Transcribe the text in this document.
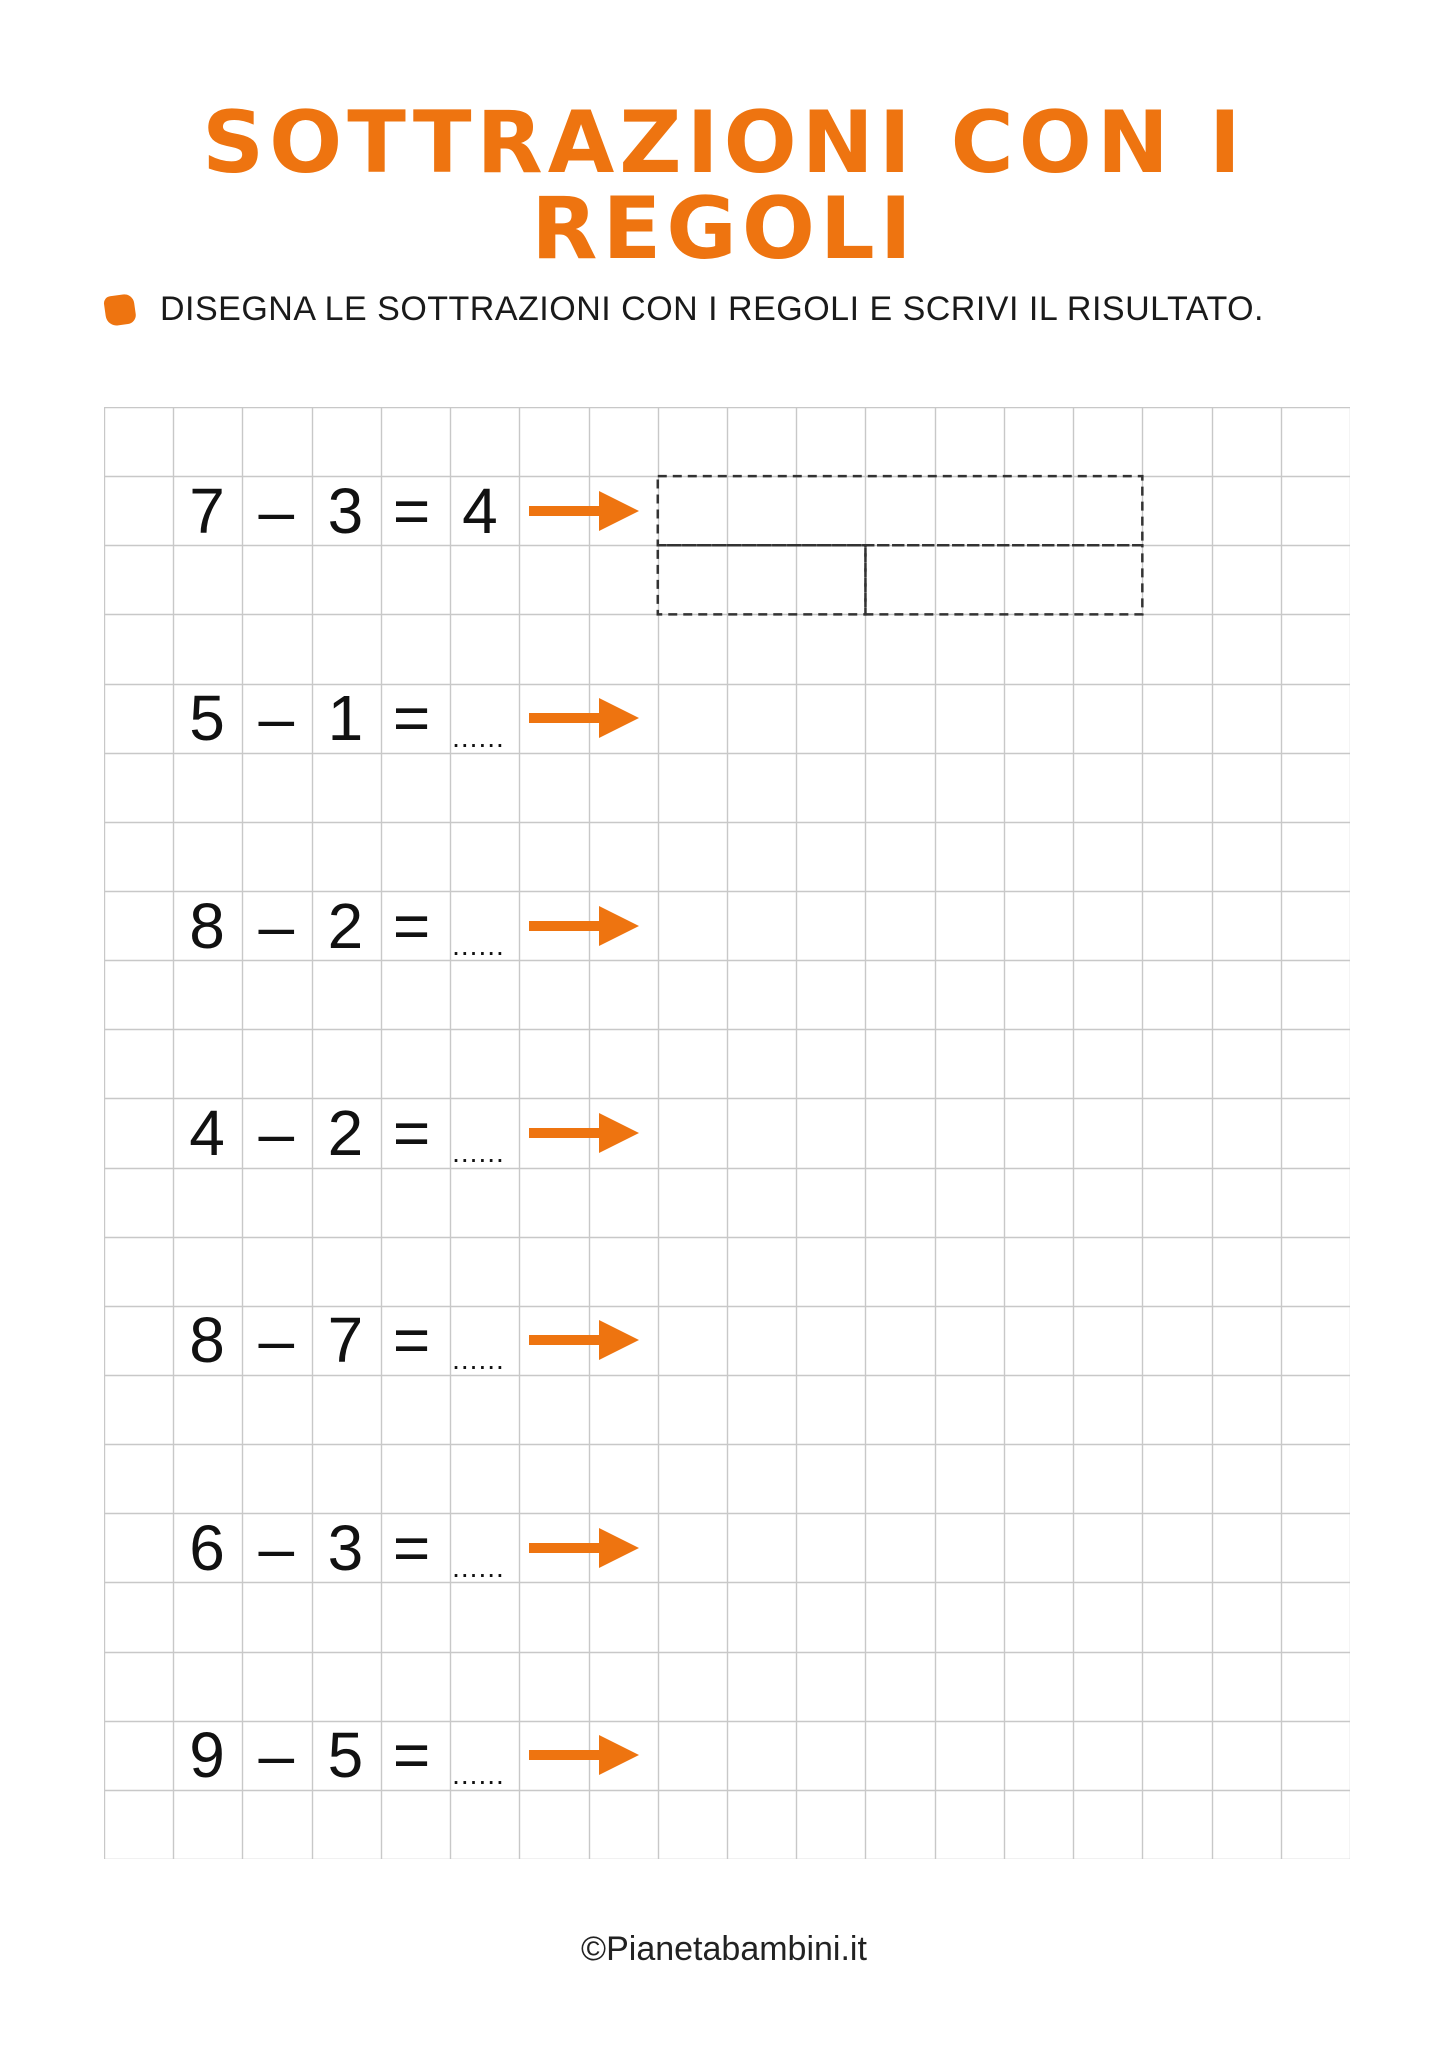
SOTTRAZIONI CON I REGOLI
DISEGNA LE SOTTRAZIONI CON I REGOLI E SCRIVI IL RISULTATO.
7 – 3 = 4
5 – 1 = ......
8 – 2 = ......
4 – 2 = ......
8 – 7 = ......
6 – 3 = ......
9 – 5 = ......
©Pianetabambini.it
